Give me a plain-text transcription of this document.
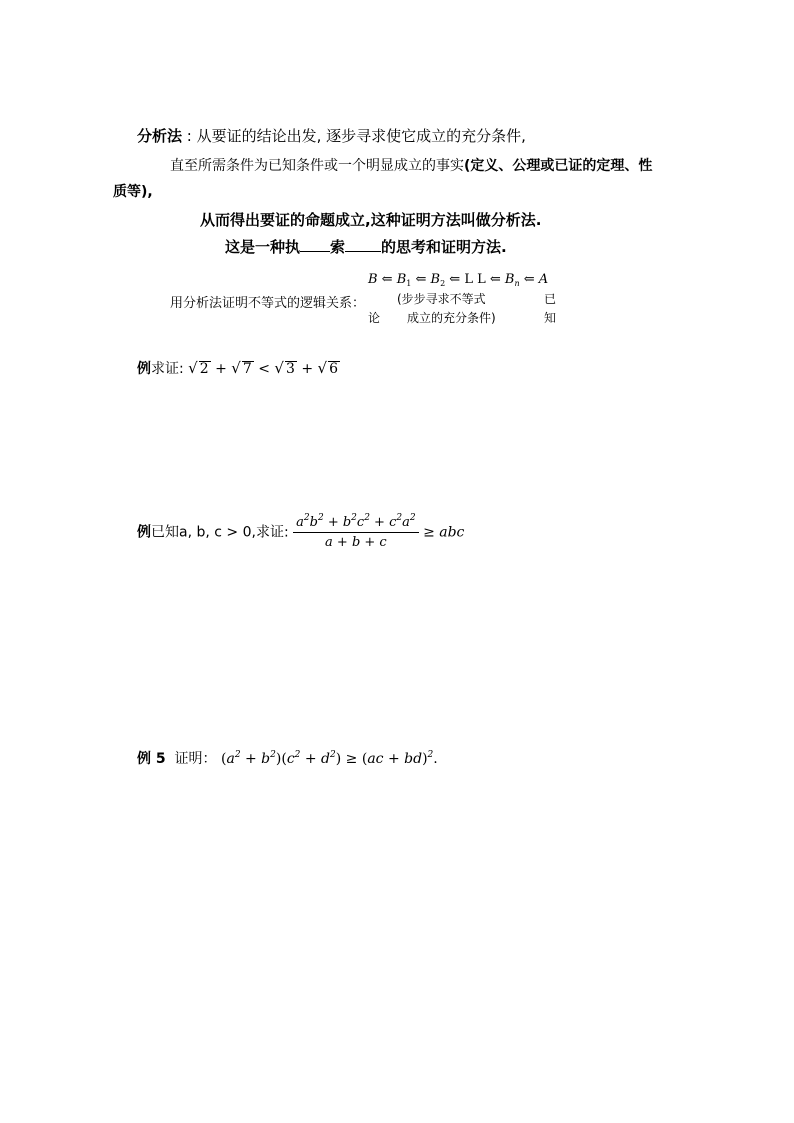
分析法 : 从要证的结论出发, 逐步寻求使它成立的充分条件,
直至所需条件为已知条件或一个明显成立的事实(定义、公理或已证的定理、性
质等),
从而得出要证的命题成立,这种证明方法叫做分析法.
这是一种执 索 的思考和证明方法.
B ⇐ $B_1$ ⇐ $B_2$ ⇐ L L ⇐ $B_n$ ⇐ A
用分析法证明不等式的逻辑关系：	(步步寻求不等式	已
论 成立的充分条件)	知
例求证: √ 2 + √ 7 < √ 3 + √ 6
例已知a, b, c > 0,求证: $\frac{a^2b^2 + b^2c^2 + c^2a^2}{a + b + c}$ ≥ abc
例 5 证明： $(a^2 + b^2)(c^2 + d^2) \ge (ac + bd)^2$.
